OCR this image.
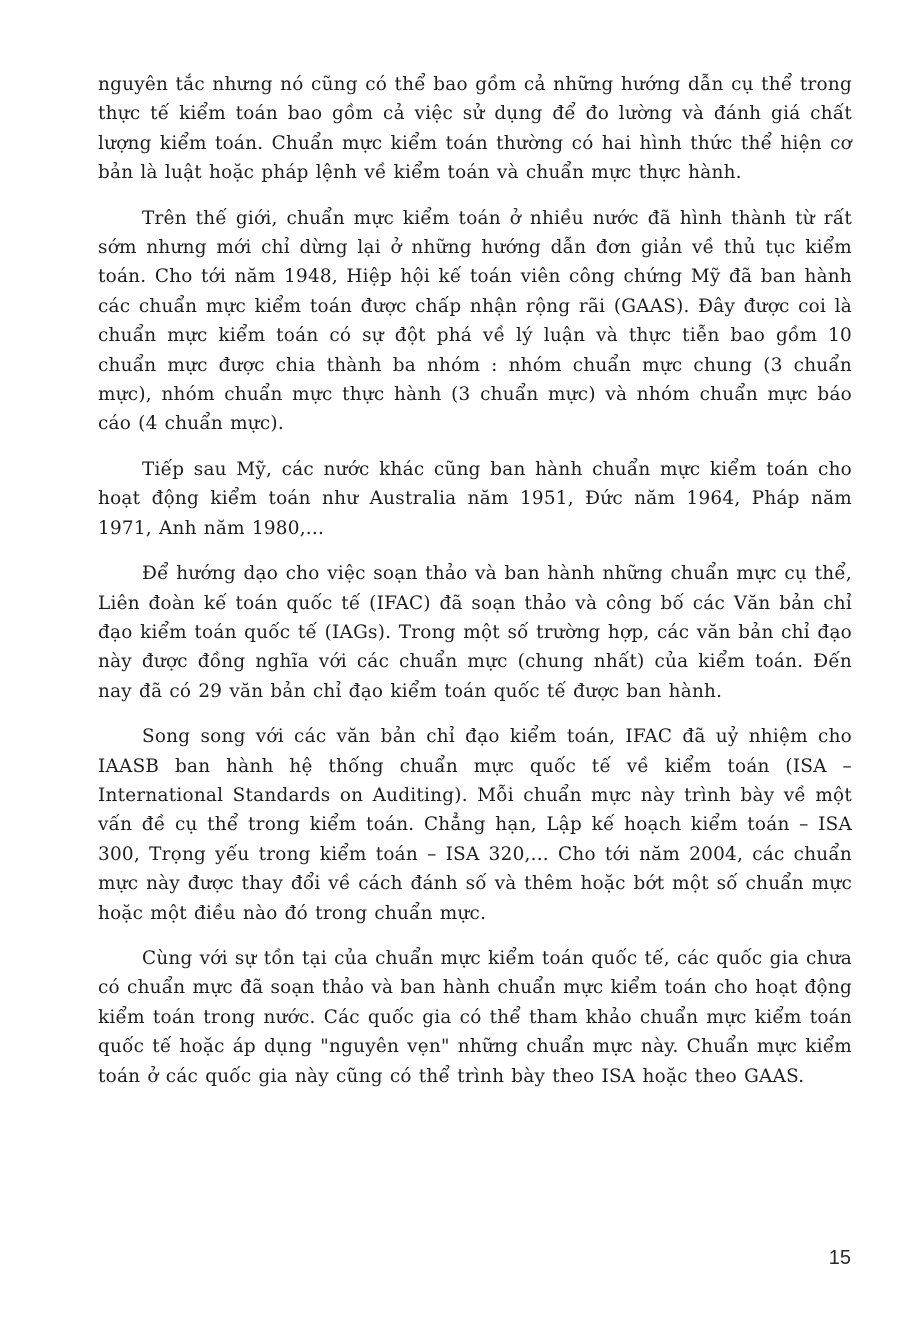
nguyên tắc nhưng nó cũng có thể bao gồm cả những hướng dẫn cụ thể trong thực tế kiểm toán bao gồm cả việc sử dụng để đo lường và đánh giá chất lượng kiểm toán. Chuẩn mực kiểm toán thường có hai hình thức thể hiện cơ bản là luật hoặc pháp lệnh về kiểm toán và chuẩn mực thực hành.

Trên thế giới, chuẩn mực kiểm toán ở nhiều nước đã hình thành từ rất sớm nhưng mới chỉ dừng lại ở những hướng dẫn đơn giản về thủ tục kiểm toán. Cho tới năm 1948, Hiệp hội kế toán viên công chứng Mỹ đã ban hành các chuẩn mực kiểm toán được chấp nhận rộng rãi (GAAS). Đây được coi là chuẩn mực kiểm toán có sự đột phá về lý luận và thực tiễn bao gồm 10 chuẩn mực được chia thành ba nhóm : nhóm chuẩn mực chung (3 chuẩn mực), nhóm chuẩn mực thực hành (3 chuẩn mực) và nhóm chuẩn mực báo cáo (4 chuẩn mực).

Tiếp sau Mỹ, các nước khác cũng ban hành chuẩn mực kiểm toán cho hoạt động kiểm toán như Australia năm 1951, Đức năm 1964, Pháp năm 1971, Anh năm 1980,...

Để hướng dạo cho việc soạn thảo và ban hành những chuẩn mực cụ thể, Liên đoàn kế toán quốc tế (IFAC) đã soạn thảo và công bố các Văn bản chỉ đạo kiểm toán quốc tế (IAGs). Trong một số trường hợp, các văn bản chỉ đạo này được đồng nghĩa với các chuẩn mực (chung nhất) của kiểm toán. Đến nay đã có 29 văn bản chỉ đạo kiểm toán quốc tế được ban hành.

Song song với các văn bản chỉ đạo kiểm toán, IFAC đã uỷ nhiệm cho IAASB ban hành hệ thống chuẩn mực quốc tế về kiểm toán (ISA – International Standards on Auditing). Mỗi chuẩn mực này trình bày về một vấn đề cụ thể trong kiểm toán. Chẳng hạn, Lập kế hoạch kiểm toán – ISA 300, Trọng yếu trong kiểm toán – ISA 320,... Cho tới năm 2004, các chuẩn mực này được thay đổi về cách đánh số và thêm hoặc bớt một số chuẩn mực hoặc một điều nào đó trong chuẩn mực.

Cùng với sự tồn tại của chuẩn mực kiểm toán quốc tế, các quốc gia chưa có chuẩn mực đã soạn thảo và ban hành chuẩn mực kiểm toán cho hoạt động kiểm toán trong nước. Các quốc gia có thể tham khảo chuẩn mực kiểm toán quốc tế hoặc áp dụng "nguyên vẹn" những chuẩn mực này. Chuẩn mực kiểm toán ở các quốc gia này cũng có thể trình bày theo ISA hoặc theo GAAS.

15
